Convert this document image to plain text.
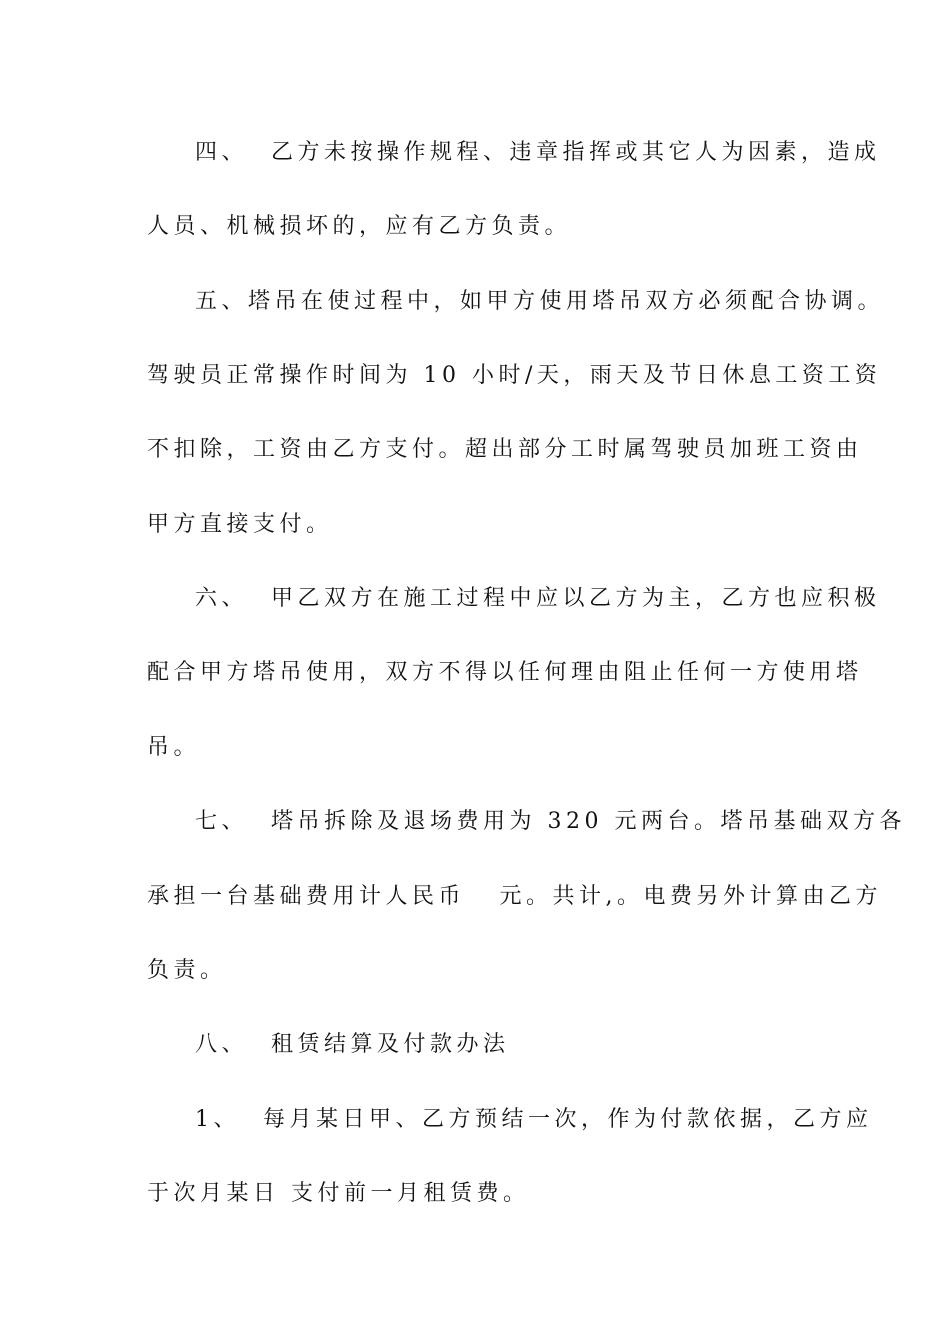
四、  乙方未按操作规程、违章指挥或其它人为因素，造成
人员、机械损坏的，应有乙方负责。
五、塔吊在使过程中，如甲方使用塔吊双方必须配合协调。
驾驶员正常操作时间为 10 小时/天，雨天及节日休息工资工资
不扣除，工资由乙方支付。超出部分工时属驾驶员加班工资由
甲方直接支付。
六、  甲乙双方在施工过程中应以乙方为主，乙方也应积极
配合甲方塔吊使用，双方不得以任何理由阻止任何一方使用塔
吊。
七、  塔吊拆除及退场费用为 320 元两台。塔吊基础双方各
承担一台基础费用计人民币   元。共计,。电费另外计算由乙方
负责。
八、  租赁结算及付款办法
1、  每月某日甲、乙方预结一次，作为付款依据，乙方应
于次月某日 支付前一月租赁费。
